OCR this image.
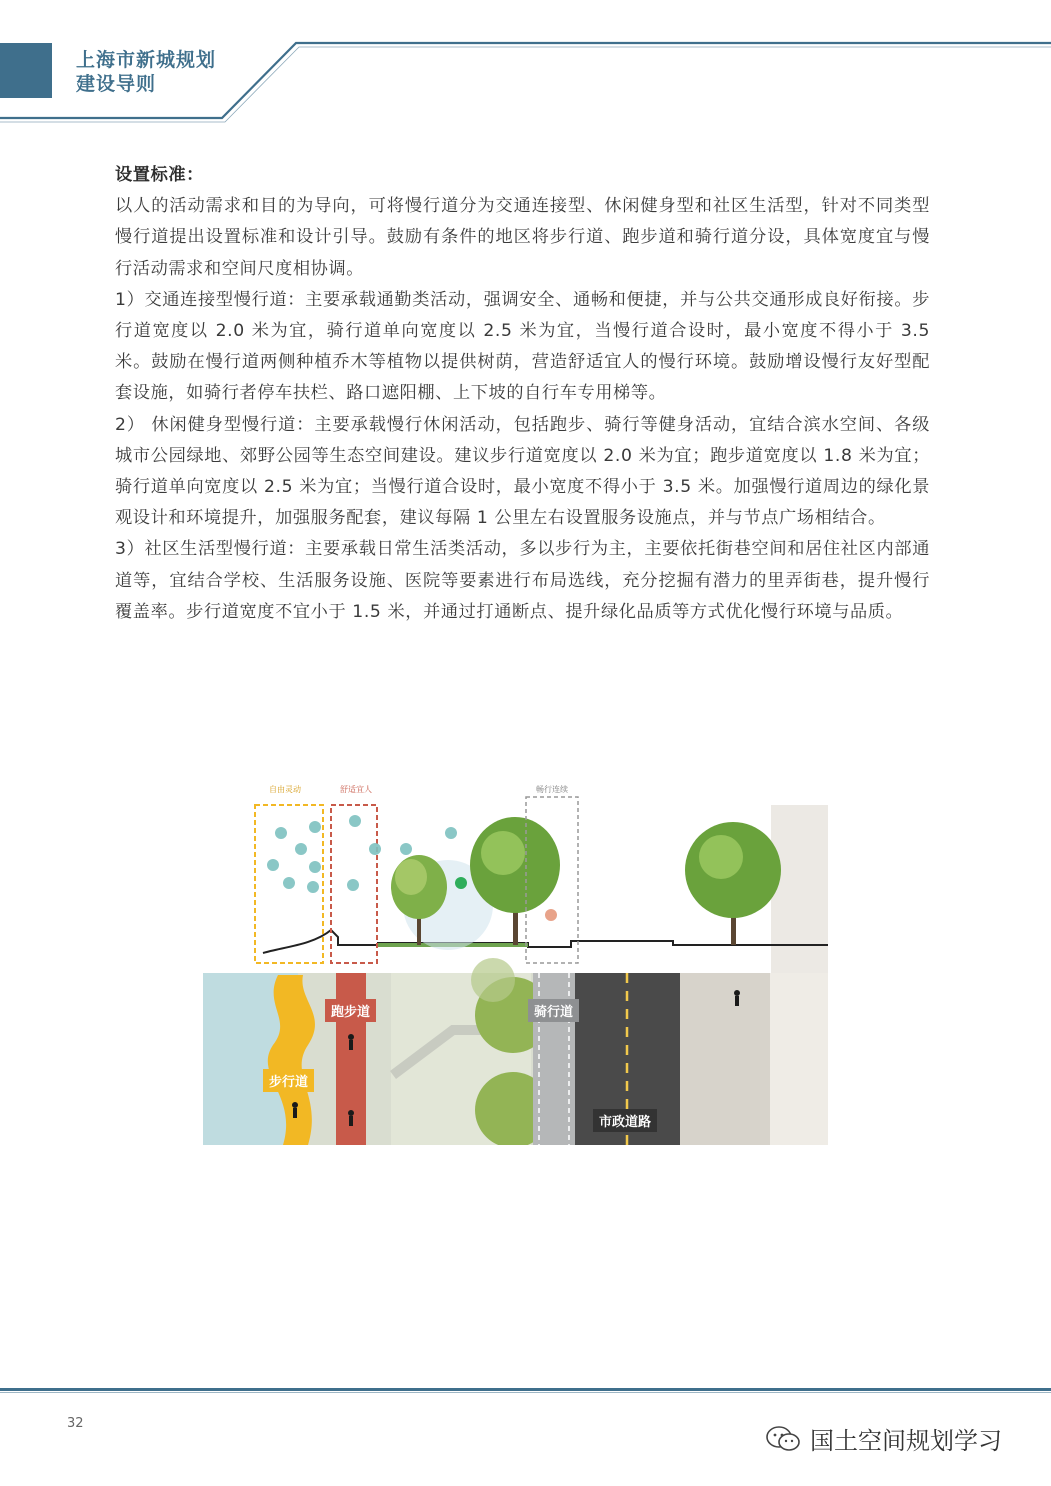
上海市新城规划
建设导则

设置标准：

以人的活动需求和目的为导向，可将慢行道分为交通连接型、休闲健身型和社区生活型，针对不同类型慢行道提出设置标准和设计引导。鼓励有条件的地区将步行道、跑步道和骑行道分设，具体宽度宜与慢行活动需求和空间尺度相协调。

1）交通连接型慢行道：主要承载通勤类活动，强调安全、通畅和便捷，并与公共交通形成良好衔接。步行道宽度以 2.0 米为宜，骑行道单向宽度以 2.5 米为宜，当慢行道合设时，最小宽度不得小于 3.5 米。鼓励在慢行道两侧种植乔木等植物以提供树荫，营造舒适宜人的慢行环境。鼓励增设慢行友好型配套设施，如骑行者停车扶栏、路口遮阳棚、上下坡的自行车专用梯等。

2） 休闲健身型慢行道：主要承载慢行休闲活动，包括跑步、骑行等健身活动，宜结合滨水空间、各级城市公园绿地、郊野公园等生态空间建设。建议步行道宽度以 2.0 米为宜；跑步道宽度以 1.8 米为宜；骑行道单向宽度以 2.5 米为宜；当慢行道合设时，最小宽度不得小于 3.5 米。加强慢行道周边的绿化景观设计和环境提升，加强服务配套，建议每隔 1 公里左右设置服务设施点，并与节点广场相结合。

3）社区生活型慢行道：主要承载日常生活类活动，多以步行为主，主要依托街巷空间和居住社区内部通道等，宜结合学校、生活服务设施、医院等要素进行布局选线，充分挖掘有潜力的里弄街巷，提升慢行覆盖率。步行道宽度不宜小于 1.5 米，并通过打通断点、提升绿化品质等方式优化慢行环境与品质。

自由灵动	舒适宜人	畅行连续
跑步道	骑行道
步行道
市政道路
32
国土空间规划学习
